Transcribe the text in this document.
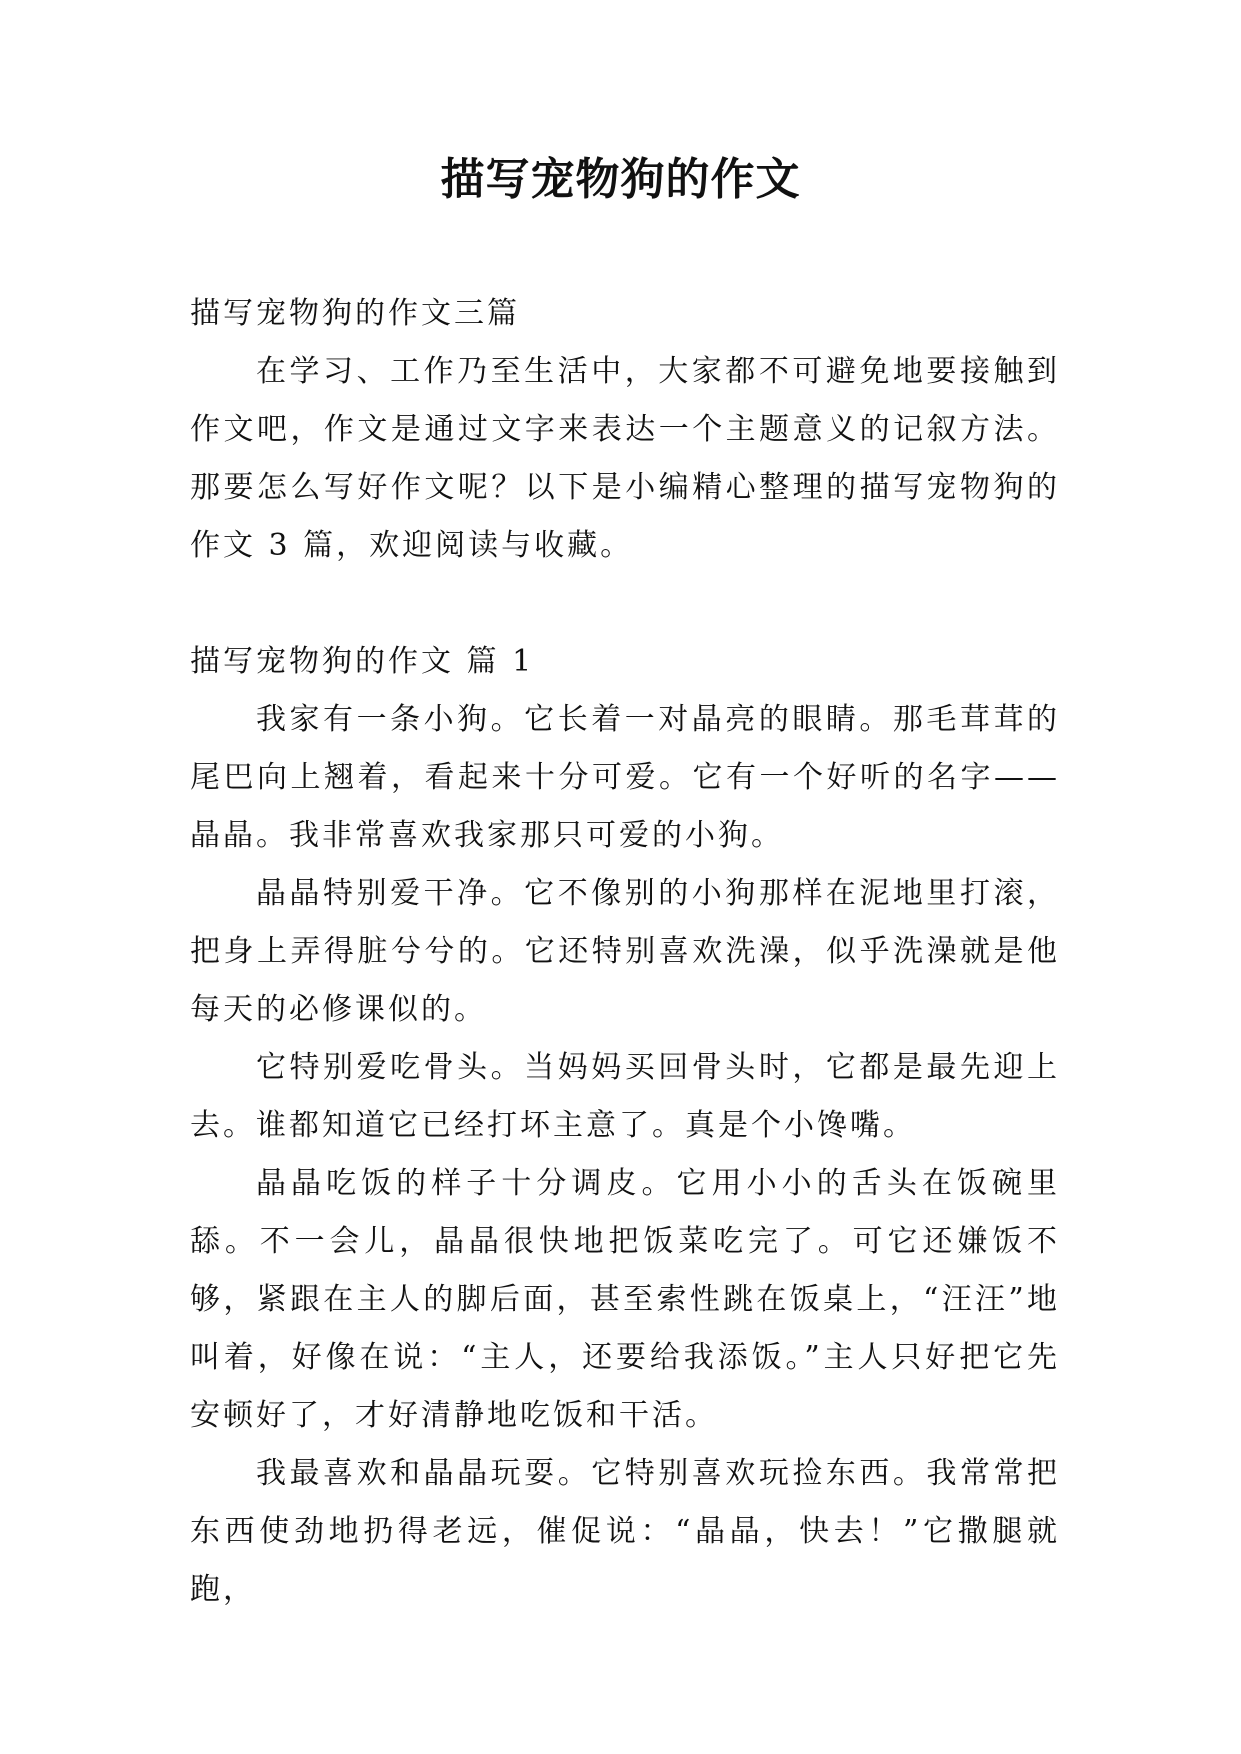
描写宠物狗的作文

描写宠物狗的作文三篇

在学习、工作乃至生活中，大家都不可避免地要接触到作文吧，作文是通过文字来表达一个主题意义的记叙方法。那要怎么写好作文呢？以下是小编精心整理的描写宠物狗的作文 3 篇，欢迎阅读与收藏。

描写宠物狗的作文 篇 1

我家有一条小狗。它长着一对晶亮的眼睛。那毛茸茸的尾巴向上翘着，看起来十分可爱。它有一个好听的名字——晶晶。我非常喜欢我家那只可爱的小狗。

晶晶特别爱干净。它不像别的小狗那样在泥地里打滚，把身上弄得脏兮兮的。它还特别喜欢洗澡，似乎洗澡就是他每天的必修课似的。

它特别爱吃骨头。当妈妈买回骨头时，它都是最先迎上去。谁都知道它已经打坏主意了。真是个小馋嘴。

晶晶吃饭的样子十分调皮。它用小小的舌头在饭碗里舔。不一会儿，晶晶很快地把饭菜吃完了。可它还嫌饭不够，紧跟在主人的脚后面，甚至索性跳在饭桌上，“汪汪”地叫着，好像在说：“主人，还要给我添饭。”主人只好把它先安顿好了，才好清静地吃饭和干活。

我最喜欢和晶晶玩耍。它特别喜欢玩捡东西。我常常把东西使劲地扔得老远，催促说：“晶晶，快去！”它撒腿就跑，
